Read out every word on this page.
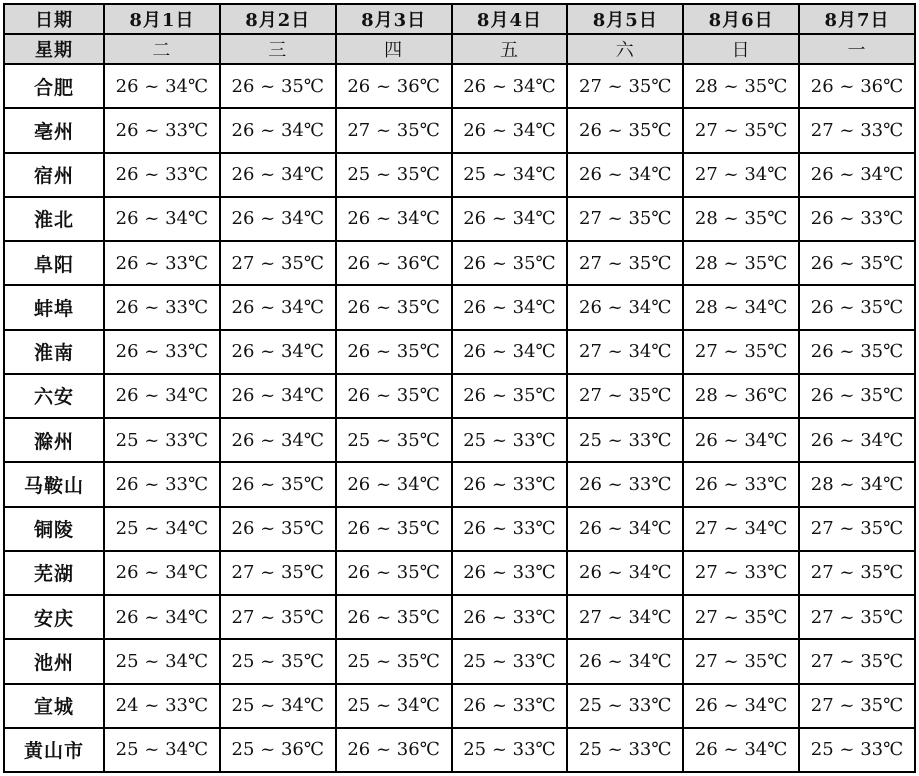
日期	8月1日	8月2日	8月3日	8月4日	8月5日	8月6日	8月7日
星期	二	三	四	五	六	日	一
合肥	26 ~ 34℃	26 ~ 35℃	26 ~ 36℃	26 ~ 34℃	27 ~ 35℃	28 ~ 35℃	26 ~ 36℃
亳州	26 ~ 33℃	26 ~ 34℃	27 ~ 35℃	26 ~ 34℃	26 ~ 35℃	27 ~ 35℃	27 ~ 33℃
宿州	26 ~ 33℃	26 ~ 34℃	25 ~ 35℃	25 ~ 34℃	26 ~ 34℃	27 ~ 34℃	26 ~ 34℃
淮北	26 ~ 34℃	26 ~ 34℃	26 ~ 34℃	26 ~ 34℃	27 ~ 35℃	28 ~ 35℃	26 ~ 33℃
阜阳	26 ~ 33℃	27 ~ 35℃	26 ~ 36℃	26 ~ 35℃	27 ~ 35℃	28 ~ 35℃	26 ~ 35℃
蚌埠	26 ~ 33℃	26 ~ 34℃	26 ~ 35℃	26 ~ 34℃	26 ~ 34℃	28 ~ 34℃	26 ~ 35℃
淮南	26 ~ 33℃	26 ~ 34℃	26 ~ 35℃	26 ~ 34℃	27 ~ 34℃	27 ~ 35℃	26 ~ 35℃
六安	26 ~ 34℃	26 ~ 34℃	26 ~ 35℃	26 ~ 35℃	27 ~ 35℃	28 ~ 36℃	26 ~ 35℃
滁州	25 ~ 33℃	26 ~ 34℃	25 ~ 35℃	25 ~ 33℃	25 ~ 33℃	26 ~ 34℃	26 ~ 34℃
马鞍山	26 ~ 33℃	26 ~ 35℃	26 ~ 34℃	26 ~ 33℃	26 ~ 33℃	26 ~ 33℃	28 ~ 34℃
铜陵	25 ~ 34℃	26 ~ 35℃	26 ~ 35℃	26 ~ 33℃	26 ~ 34℃	27 ~ 34℃	27 ~ 35℃
芜湖	26 ~ 34℃	27 ~ 35℃	26 ~ 35℃	26 ~ 33℃	26 ~ 34℃	27 ~ 33℃	27 ~ 35℃
安庆	26 ~ 34℃	27 ~ 35℃	26 ~ 35℃	26 ~ 33℃	27 ~ 34℃	27 ~ 35℃	27 ~ 35℃
池州	25 ~ 34℃	25 ~ 35℃	25 ~ 35℃	25 ~ 33℃	26 ~ 34℃	27 ~ 35℃	27 ~ 35℃
宣城	24 ~ 33℃	25 ~ 34℃	25 ~ 34℃	26 ~ 33℃	25 ~ 33℃	26 ~ 34℃	27 ~ 35℃
黄山市	25 ~ 34℃	25 ~ 36℃	26 ~ 36℃	25 ~ 33℃	25 ~ 33℃	26 ~ 34℃	25 ~ 33℃
